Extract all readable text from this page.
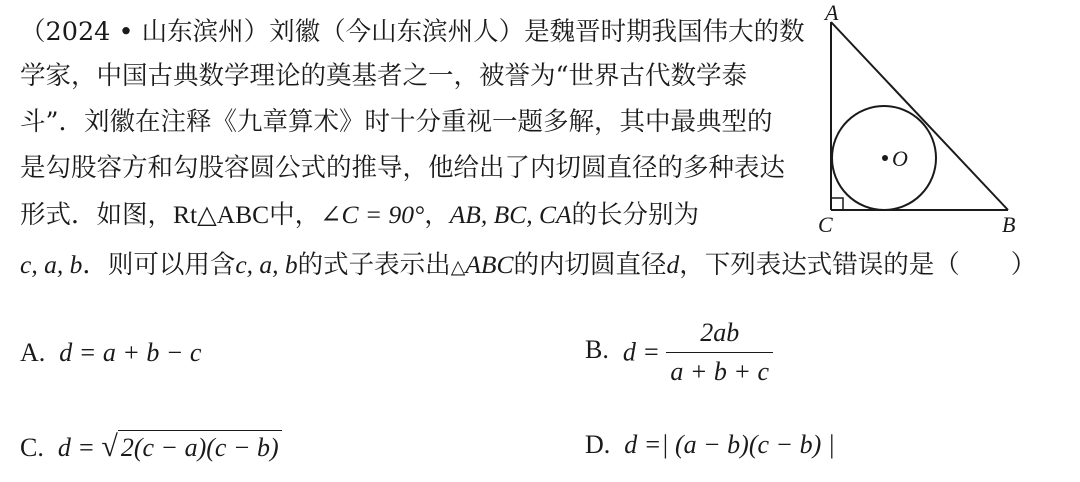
（2024 • 山东滨州）刘徽（今山东滨州人）是魏晋时期我国伟大的数
学家，中国古典数学理论的奠基者之一，被誉为“世界古代数学泰
斗”．刘徽在注释《九章算术》时十分重视一题多解，其中最典型的
是勾股容方和勾股容圆公式的推导，他给出了内切圆直径的多种表达
形式．如图，Rt△ABC中，∠C = 90°，AB, BC, CA的长分别为
c, a, b．则可以用含c, a, b的式子表示出△ABC的内切圆直径d，下列表达式错误的是（　　）
O
A
C	B
A. d = a + b − c	B. $d = \frac{2ab}{a + b + c}$
C. d = √ 2(c − a)(c − b)	D. d =| (a − b)(c − b) |
